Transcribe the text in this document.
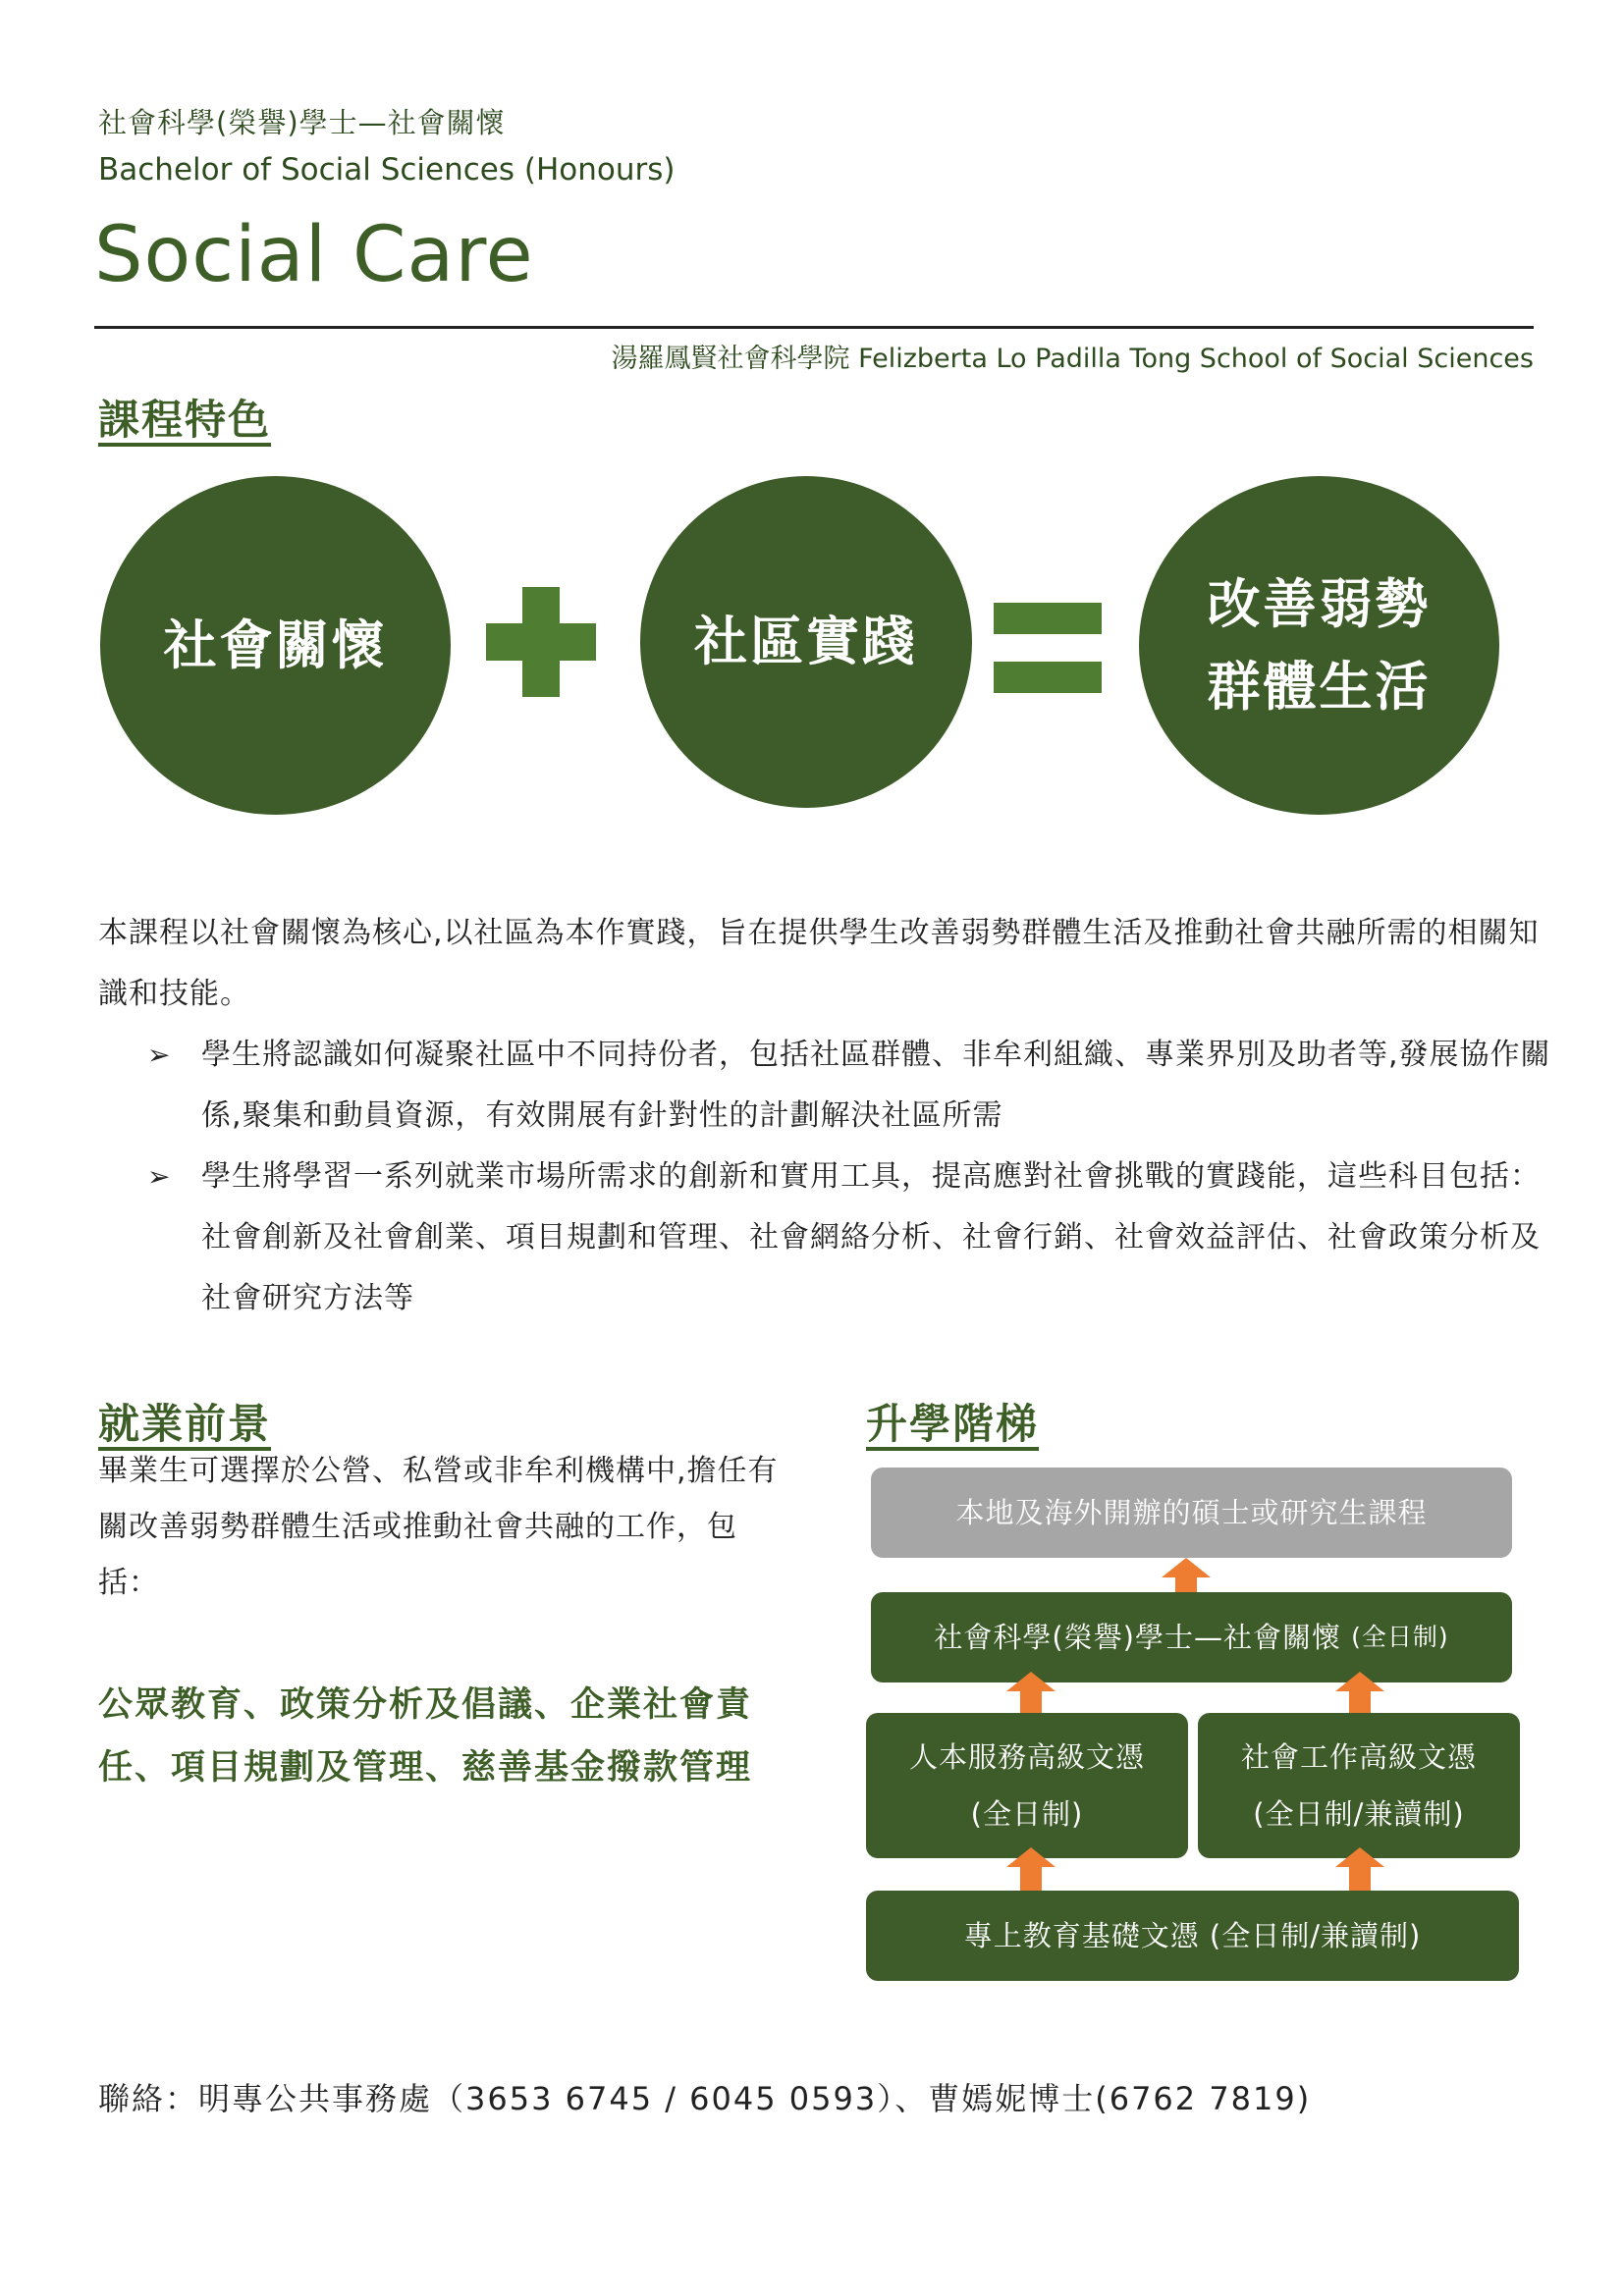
社會科學(榮譽)學士—社會關懷
Bachelor of Social Sciences (Honours)
Social Care
湯羅鳳賢社會科學院 Felizberta Lo Padilla Tong School of Social Sciences
課程特色
社會關懷	社區實踐
改善弱勢
群體生活
本課程以社會關懷為核心,以社區為本作實踐，旨在提供學生改善弱勢群體生活及推動社會共融所需的相關知識和技能。
➢ 學生將認識如何凝聚社區中不同持份者，包括社區群體、非牟利組織、專業界別及助者等,發展協作關係,聚集和動員資源，有效開展有針對性的計劃解決社區所需
➢ 學生將學習一系列就業市場所需求的創新和實用工具，提高應對社會挑戰的實踐能，這些科目包括：社會創新及社會創業、項目規劃和管理、社會網絡分析、社會行銷、社會效益評估、社會政策分析及社會研究方法等
就業前景
畢業生可選擇於公營、私營或非牟利機構中,擔任有關改善弱勢群體生活或推動社會共融的工作，包括：
公眾教育、政策分析及倡議、企業社會責任、項目規劃及管理、慈善基金撥款管理
升學階梯
本地及海外開辦的碩士或研究生課程
社會科學(榮譽)學士—社會關懷
(全日制)
人本服務高級文憑
(全日制)
社會工作高級文憑
(全日制/兼讀制)
專上教育基礎文憑 (全日制/兼讀制)
聯絡：明專公共事務處（3653 6745 / 6045 0593）、曹嫣妮博士(6762 7819)
